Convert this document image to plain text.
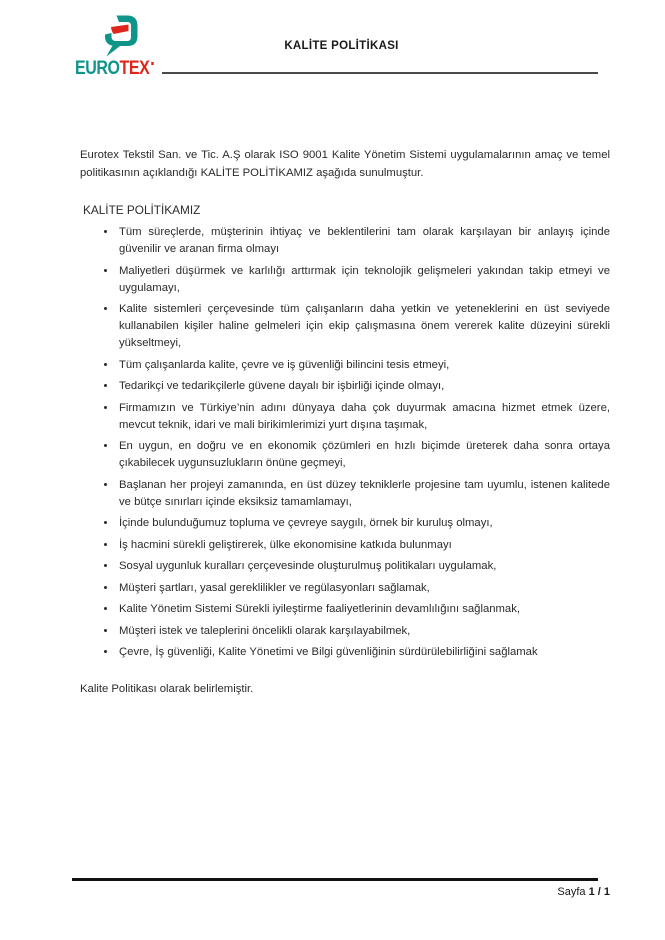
EUROTEX
KALİTE POLİTİKASI

Eurotex Tekstil San. ve Tic. A.Ş olarak ISO 9001 Kalite Yönetim Sistemi uygulamalarının amaç ve temel politikasının açıklandığı KALİTE POLİTİKAMIZ aşağıda sunulmuştur.

KALİTE POLİTİKAMIZ
• Tüm süreçlerde, müşterinin ihtiyaç ve beklentilerini tam olarak karşılayan bir anlayış içinde güvenilir ve aranan firma olmayı
• Maliyetleri düşürmek ve karlılığı arttırmak için teknolojik gelişmeleri yakından takip etmeyi ve uygulamayı,
• Kalite sistemleri çerçevesinde tüm çalışanların daha yetkin ve yeteneklerini en üst seviyede kullanabilen kişiler haline gelmeleri için ekip çalışmasına önem vererek kalite düzeyini sürekli yükseltmeyi,
• Tüm çalışanlarda kalite, çevre ve iş güvenliği bilincini tesis etmeyi,
• Tedarikçi ve tedarikçilerle güvene dayalı bir işbirliği içinde olmayı,
• Firmamızın ve Türkiye’nin adını dünyaya daha çok duyurmak amacına hizmet etmek üzere, mevcut teknik, idari ve mali birikimlerimizi yurt dışına taşımak,
• En uygun, en doğru ve en ekonomik çözümleri en hızlı biçimde üreterek daha sonra ortaya çıkabilecek uygunsuzlukların önüne geçmeyi,
• Başlanan her projeyi zamanında, en üst düzey tekniklerle projesine tam uyumlu, istenen kalitede ve bütçe sınırları içinde eksiksiz tamamlamayı,
• İçinde bulunduğumuz topluma ve çevreye saygılı, örnek bir kuruluş olmayı,
• İş hacmini sürekli geliştirerek, ülke ekonomisine katkıda bulunmayı
• Sosyal uygunluk kuralları çerçevesinde oluşturulmuş politikaları uygulamak,
• Müşteri şartları, yasal gereklilikler ve regülasyonları sağlamak,
• Kalite Yönetim Sistemi Sürekli iyileştirme faaliyetlerinin devamlılığını sağlanmak,
• Müşteri istek ve taleplerini öncelikli olarak karşılayabilmek,
• Çevre, İş güvenliği, Kalite Yönetimi ve Bilgi güvenliğinin sürdürülebilirliğini sağlamak

Kalite Politikası olarak belirlemiştir.

Sayfa 1 / 1
